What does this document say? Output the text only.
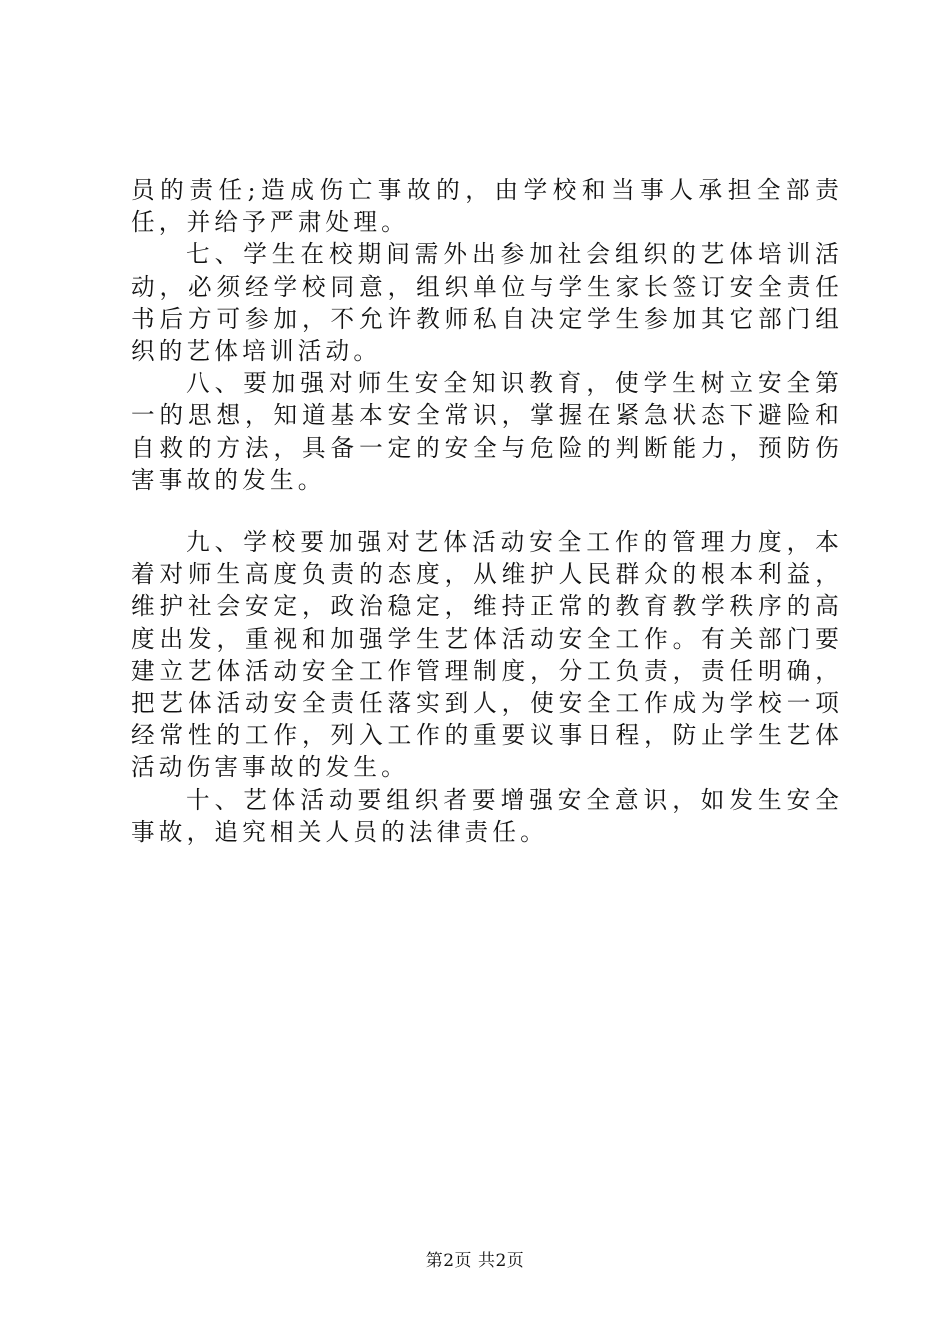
员的责任;造成伤亡事故的，由学校和当事人承担全部责任，并给予严肃处理。

七、学生在校期间需外出参加社会组织的艺体培训活动，必须经学校同意，组织单位与学生家长签订安全责任书后方可参加，不允许教师私自决定学生参加其它部门组织的艺体培训活动。

八、要加强对师生安全知识教育，使学生树立安全第一的思想，知道基本安全常识，掌握在紧急状态下避险和自救的方法，具备一定的安全与危险的判断能力，预防伤害事故的发生。

九、学校要加强对艺体活动安全工作的管理力度，本着对师生高度负责的态度，从维护人民群众的根本利益，维护社会安定，政治稳定，维持正常的教育教学秩序的高度出发，重视和加强学生艺体活动安全工作。有关部门要建立艺体活动安全工作管理制度，分工负责，责任明确，把艺体活动安全责任落实到人，使安全工作成为学校一项经常性的工作，列入工作的重要议事日程，防止学生艺体活动伤害事故的发生。

十、艺体活动要组织者要增强安全意识，如发生安全事故，追究相关人员的法律责任。

第2页 共2页
